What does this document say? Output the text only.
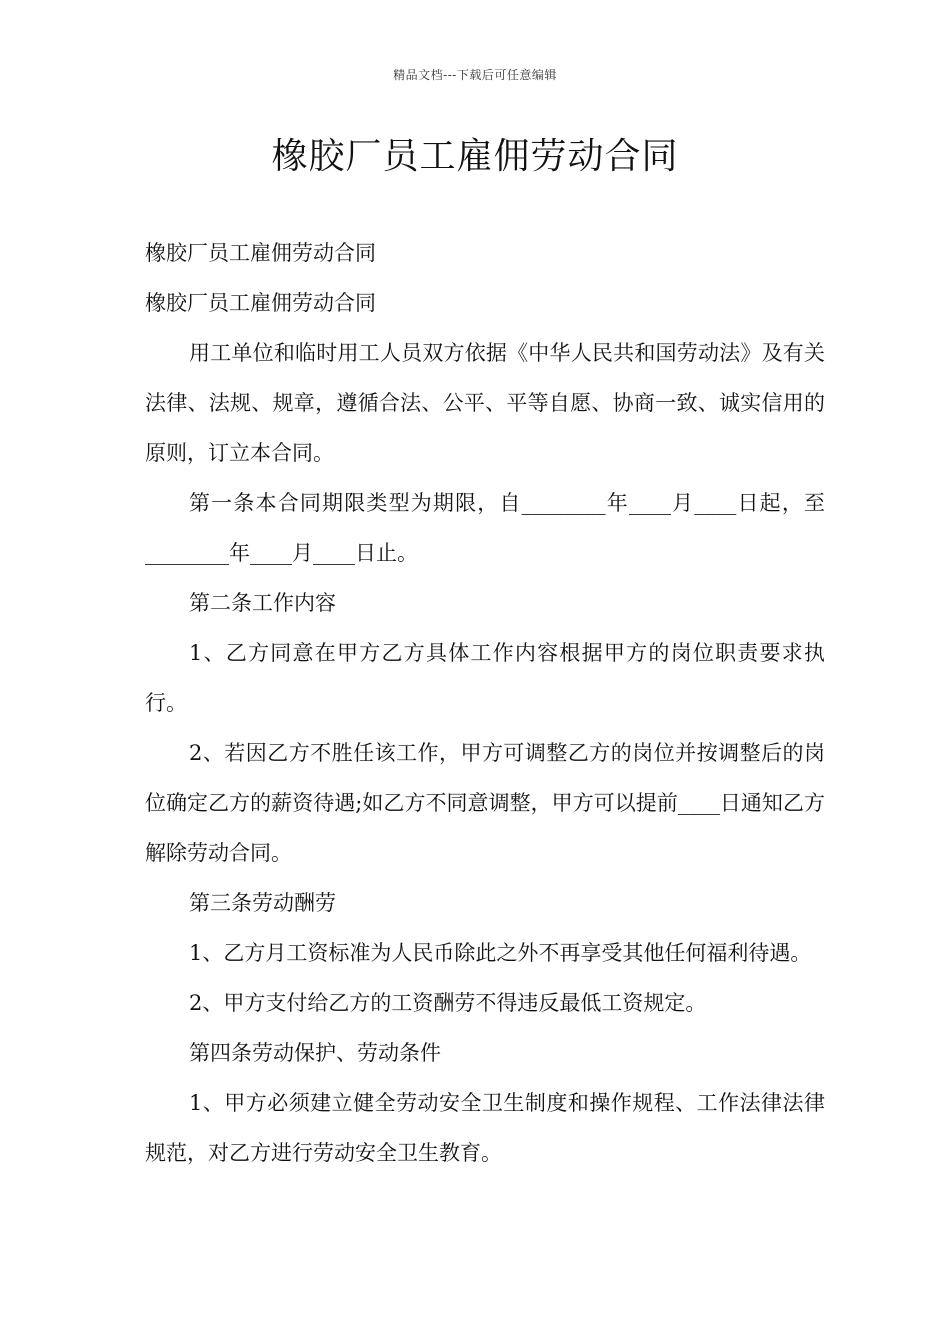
精品文档---下载后可任意编辑
橡胶厂员工雇佣劳动合同

橡胶厂员工雇佣劳动合同

橡胶厂员工雇佣劳动合同

用工单位和临时用工人员双方依据《中华人民共和国劳动法》及有关法律、法规、规章，遵循合法、公平、平等自愿、协商一致、诚实信用的原则，订立本合同。

第一条本合同期限类型为期限，自________年____月____日起，至________年____月____日止。

第二条工作内容

1、乙方同意在甲方乙方具体工作内容根据甲方的岗位职责要求执行。

2、若因乙方不胜任该工作，甲方可调整乙方的岗位并按调整后的岗位确定乙方的薪资待遇;如乙方不同意调整，甲方可以提前____日通知乙方解除劳动合同。

第三条劳动酬劳

1、乙方月工资标准为人民币除此之外不再享受其他任何福利待遇。

2、甲方支付给乙方的工资酬劳不得违反最低工资规定。

第四条劳动保护、劳动条件

1、甲方必须建立健全劳动安全卫生制度和操作规程、工作法律法律规范，对乙方进行劳动安全卫生教育。
